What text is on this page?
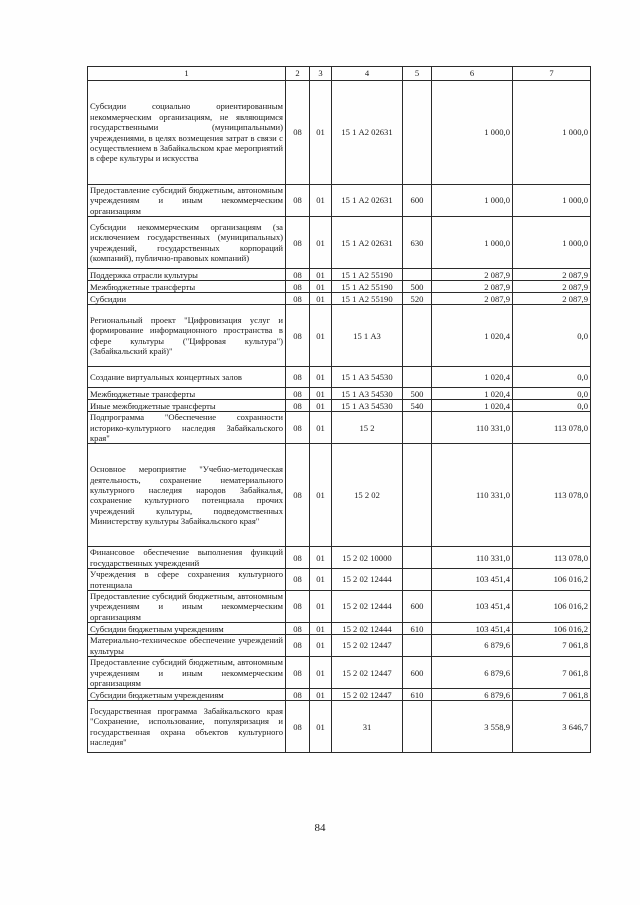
1	2	3	4	5	6	7
Субсидии социально ориентированным некоммерческим организациям, не являющимся государственными (муниципальными) учреждениями, в целях возмещения затрат в связи с осуществлением в Забайкальском крае мероприятий в сфере культуры и искусства	08	01	15 1 А2 02631		1 000,0	1 000,0
Предоставление субсидий бюджетным, автономным учреждениям и иным некоммерческим организациям	08	01	15 1 А2 02631	600	1 000,0	1 000,0
Субсидии некоммерческим организациям (за исключением государственных (муниципальных) учреждений, государственных корпораций (компаний), публично-правовых компаний)	08	01	15 1 А2 02631	630	1 000,0	1 000,0
Поддержка отрасли культуры	08	01	15 1 А2 55190		2 087,9	2 087,9
Межбюджетные трансферты	08	01	15 1 А2 55190	500	2 087,9	2 087,9
Субсидии	08	01	15 1 А2 55190	520	2 087,9	2 087,9
Региональный проект "Цифровизация услуг и формирование информационного пространства в сфере культуры ("Цифровая культура") (Забайкальский край)"	08	01	15 1 А3		1 020,4	0,0
Создание виртуальных концертных залов	08	01	15 1 А3 54530		1 020,4	0,0
Межбюджетные трансферты	08	01	15 1 А3 54530	500	1 020,4	0,0
Иные межбюджетные трансферты	08	01	15 1 А3 54530	540	1 020,4	0,0
Подпрограмма "Обеспечение сохранности историко-культурного наследия Забайкальского края"	08	01	15 2		110 331,0	113 078,0
Основное мероприятие "Учебно-методическая деятельность, сохранение нематериального культурного наследия народов Забайкалья, сохранение культурного потенциала прочих учреждений культуры, подведомственных Министерству культуры Забайкальского края"	08	01	15 2 02		110 331,0	113 078,0
Финансовое обеспечение выполнения функций государственных учреждений	08	01	15 2 02 10000		110 331,0	113 078,0
Учреждения в сфере сохранения культурного потенциала	08	01	15 2 02 12444		103 451,4	106 016,2
Предоставление субсидий бюджетным, автономным учреждениям и иным некоммерческим организациям	08	01	15 2 02 12444	600	103 451,4	106 016,2
Субсидии бюджетным учреждениям	08	01	15 2 02 12444	610	103 451,4	106 016,2
Материально-техническое обеспечение учреждений культуры	08	01	15 2 02 12447		6 879,6	7 061,8
Предоставление субсидий бюджетным, автономным учреждениям и иным некоммерческим организациям	08	01	15 2 02 12447	600	6 879,6	7 061,8
Субсидии бюджетным учреждениям	08	01	15 2 02 12447	610	6 879,6	7 061,8
Государственная программа Забайкальского края "Сохранение, использование, популяризация и государственная охрана объектов культурного наследия"	08	01	31		3 558,9	3 646,7
84
